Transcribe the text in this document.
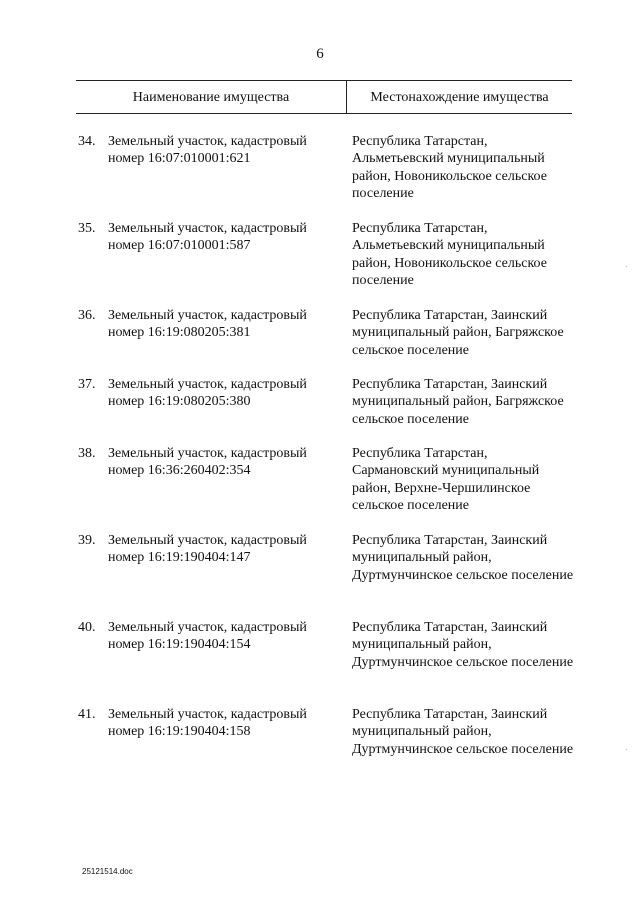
6
Наименование имущества	Местонахождение имущества
34. Земельный участок, кадастровый номер 16:07:010001:621
Республика Татарстан, Альметьевский муниципальный район, Новоникольское сельское поселение
35. Земельный участок, кадастровый номер 16:07:010001:587
Республика Татарстан, Альметьевский муниципальный район, Новоникольское сельское поселение
36. Земельный участок, кадастровый номер 16:19:080205:381
Республика Татарстан, Заинский муниципальный район, Багряжское сельское поселение
37. Земельный участок, кадастровый номер 16:19:080205:380
Республика Татарстан, Заинский муниципальный район, Багряжское сельское поселение
38. Земельный участок, кадастровый номер 16:36:260402:354
Республика Татарстан, Сармановский муниципальный район, Верхне-Чершилинское сельское поселение
39. Земельный участок, кадастровый номер 16:19:190404:147
Республика Татарстан, Заинский муниципальный район, Дуртмунчинское сельское поселение
40. Земельный участок, кадастровый номер 16:19:190404:154
Республика Татарстан, Заинский муниципальный район, Дуртмунчинское сельское поселение
41. Земельный участок, кадастровый номер 16:19:190404:158
Республика Татарстан, Заинский муниципальный район, Дуртмунчинское сельское поселение
·
·
25121514.doc
